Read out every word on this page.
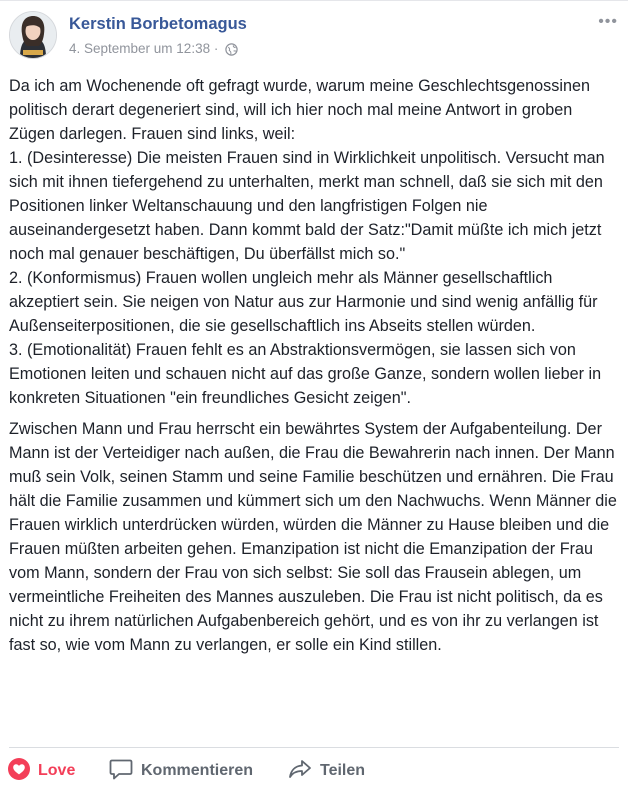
Kerstin Borbetomagus
4. September um 12:38 ·
•••

Da ich am Wochenende oft gefragt wurde, warum meine Geschlechtsgenossinen politisch derart degeneriert sind, will ich hier noch mal meine Antwort in groben Zügen darlegen. Frauen sind links, weil:
1. (Desinteresse) Die meisten Frauen sind in Wirklichkeit unpolitisch. Versucht man sich mit ihnen tiefergehend zu unterhalten, merkt man schnell, daß sie sich mit den Positionen linker Weltanschauung und den langfristigen Folgen nie auseinandergesetzt haben. Dann kommt bald der Satz:"Damit müßte ich mich jetzt noch mal genauer beschäftigen, Du überfällst mich so."
2. (Konformismus) Frauen wollen ungleich mehr als Männer gesellschaftlich akzeptiert sein. Sie neigen von Natur aus zur Harmonie und sind wenig anfällig für Außenseiterpositionen, die sie gesellschaftlich ins Abseits stellen würden.
3. (Emotionalität) Frauen fehlt es an Abstraktionsvermögen, sie lassen sich von Emotionen leiten und schauen nicht auf das große Ganze, sondern wollen lieber in konkreten Situationen "ein freundliches Gesicht zeigen".

Zwischen Mann und Frau herrscht ein bewährtes System der Aufgabenteilung. Der Mann ist der Verteidiger nach außen, die Frau die Bewahrerin nach innen. Der Mann muß sein Volk, seinen Stamm und seine Familie beschützen und ernähren. Die Frau hält die Familie zusammen und kümmert sich um den Nachwuchs. Wenn Männer die Frauen wirklich unterdrücken würden, würden die Männer zu Hause bleiben und die Frauen müßten arbeiten gehen. Emanzipation ist nicht die Emanzipation der Frau vom Mann, sondern der Frau von sich selbst: Sie soll das Frausein ablegen, um vermeintliche Freiheiten des Mannes auszuleben. Die Frau ist nicht politisch, da es nicht zu ihrem natürlichen Aufgabenbereich gehört, und es von ihr zu verlangen ist fast so, wie vom Mann zu verlangen, er solle ein Kind stillen.

Love	Kommentieren	Teilen
